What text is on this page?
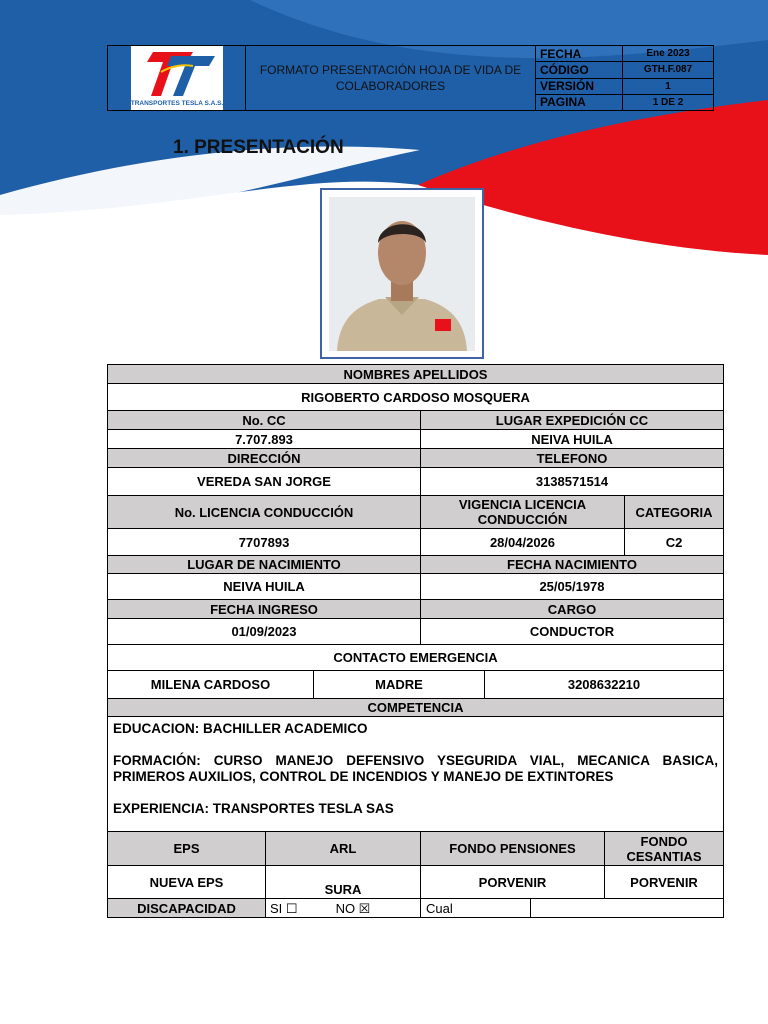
TRANSPORTES TESLA S.A.S.
FORMATO PRESENTACIÓN HOJA DE VIDA DE COLABORADORES
FECHA	Ene 2023
CÓDIGO	GTH.F.087
VERSIÓN	1
PAGINA	1 DE 2
1. PRESENTACIÓN
NOMBRES APELLIDOS
RIGOBERTO CARDOSO MOSQUERA
No. CC	LUGAR EXPEDICIÓN CC
7.707.893	NEIVA HUILA
DIRECCIÓN	TELEFONO
VEREDA SAN JORGE	3138571514
No. LICENCIA CONDUCCIÓN	VIGENCIA LICENCIA CONDUCCIÓN	CATEGORIA
7707893	28/04/2026	C2
LUGAR DE NACIMIENTO	FECHA NACIMIENTO
NEIVA HUILA	25/05/1978
FECHA INGRESO	CARGO
01/09/2023	CONDUCTOR
CONTACTO EMERGENCIA
MILENA CARDOSO	MADRE	3208632210
COMPETENCIA

EDUCACION: BACHILLER ACADEMICO

FORMACIÓN: CURSO MANEJO DEFENSIVO YSEGURIDA VIAL, MECANICA BASICA, PRIMEROS AUXILIOS, CONTROL DE INCENDIOS Y MANEJO DE EXTINTORES

EXPERIENCIA: TRANSPORTES TESLA SAS

EPS	ARL	FONDO PENSIONES	FONDO CESANTIAS
NUEVA EPS	SURA	PORVENIR	PORVENIR
DISCAPACIDAD	SI ☐	NO ☒	Cual
